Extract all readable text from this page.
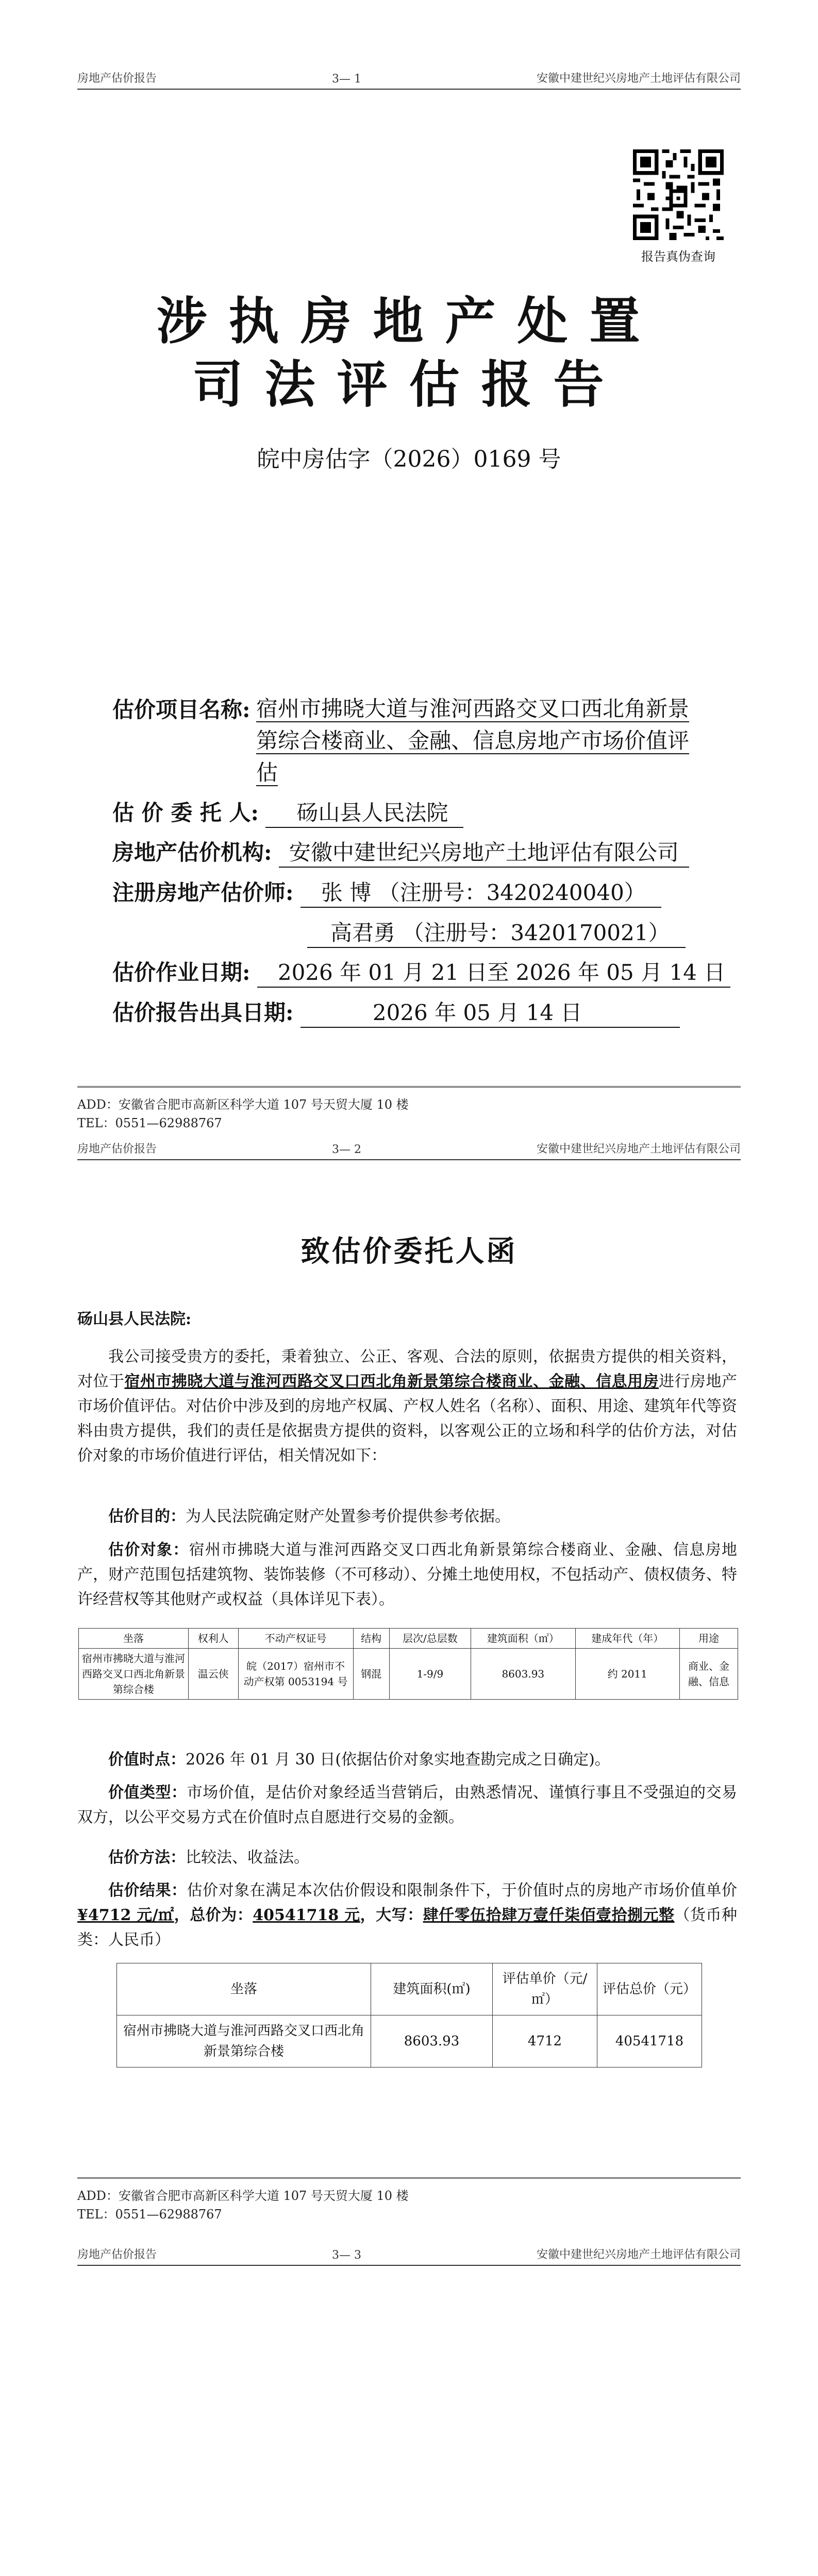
房地产估价报告	3— 1	安徽中建世纪兴房地产土地评估有限公司
报告真伪查询
涉执房地产处置
司法评估报告
皖中房估字（2026）0169 号
估价项目名称: 宿州市拂晓大道与淮河西路交叉口西北角新景第综合楼商业、金融、信息房地产市场价值评估
估 价 委 托 人: 砀山县人民法院
房地产估价机构: 安徽中建世纪兴房地产土地评估有限公司
注册房地产估价师: 张 博 （注册号：3420240040）
高君勇 （注册号：3420170021）
估价作业日期: 2026 年 01 月 21 日至 2026 年 05 月 14 日
估价报告出具日期:	2026 年 05 月 14 日
ADD：安徽省合肥市高新区科学大道 107 号天贸大厦 10 楼
TEL：0551—62988767
房地产估价报告	3— 2	安徽中建世纪兴房地产土地评估有限公司
致估价委托人函
砀山县人民法院:
我公司接受贵方的委托，秉着独立、公正、客观、合法的原则，依据贵方提供的相关资料，对位于宿州市拂晓大道与淮河西路交叉口西北角新景第综合楼商业、金融、信息用房进行房地产市场价值评估。对估价中涉及到的房地产权属、产权人姓名（名称）、面积、用途、建筑年代等资料由贵方提供，我们的责任是依据贵方提供的资料，以客观公正的立场和科学的估价方法，对估价对象的市场价值进行评估，相关情况如下：
估价目的：为人民法院确定财产处置参考价提供参考依据。
估价对象：宿州市拂晓大道与淮河西路交叉口西北角新景第综合楼商业、金融、信息房地产，财产范围包括建筑物、装饰装修（不可移动）、分摊土地使用权，不包括动产、债权债务、特许经营权等其他财产或权益（具体详见下表）。
坐落	权利人	不动产权证号	结构	层次/总层数	建筑面积（㎡）	建成年代（年）	用途
宿州市拂晓大道与淮河西路交叉口西北角新景第综合楼	温云侠	皖（2017）宿州市不动产权第 0053194 号	钢混	1-9/9	8603.93	约 2011	商业、金融、信息
价值时点：2026 年 01 月 30 日(依据估价对象实地查勘完成之日确定)。
价值类型：市场价值，是估价对象经适当营销后，由熟悉情况、谨慎行事且不受强迫的交易双方，以公平交易方式在价值时点自愿进行交易的金额。
估价方法：比较法、收益法。
估价结果：估价对象在满足本次估价假设和限制条件下，于价值时点的房地产市场价值单价¥4712 元/㎡，总价为：40541718 元，大写：肆仟零伍拾肆万壹仟柒佰壹拾捌元整（货币种类：人民币）
坐落	建筑面积(㎡)	评估单价（元/㎡）	评估总价（元）
宿州市拂晓大道与淮河西路交叉口西北角新景第综合楼	8603.93	4712	40541718
ADD：安徽省合肥市高新区科学大道 107 号天贸大厦 10 楼
TEL：0551—62988767
房地产估价报告	3— 3	安徽中建世纪兴房地产土地评估有限公司
